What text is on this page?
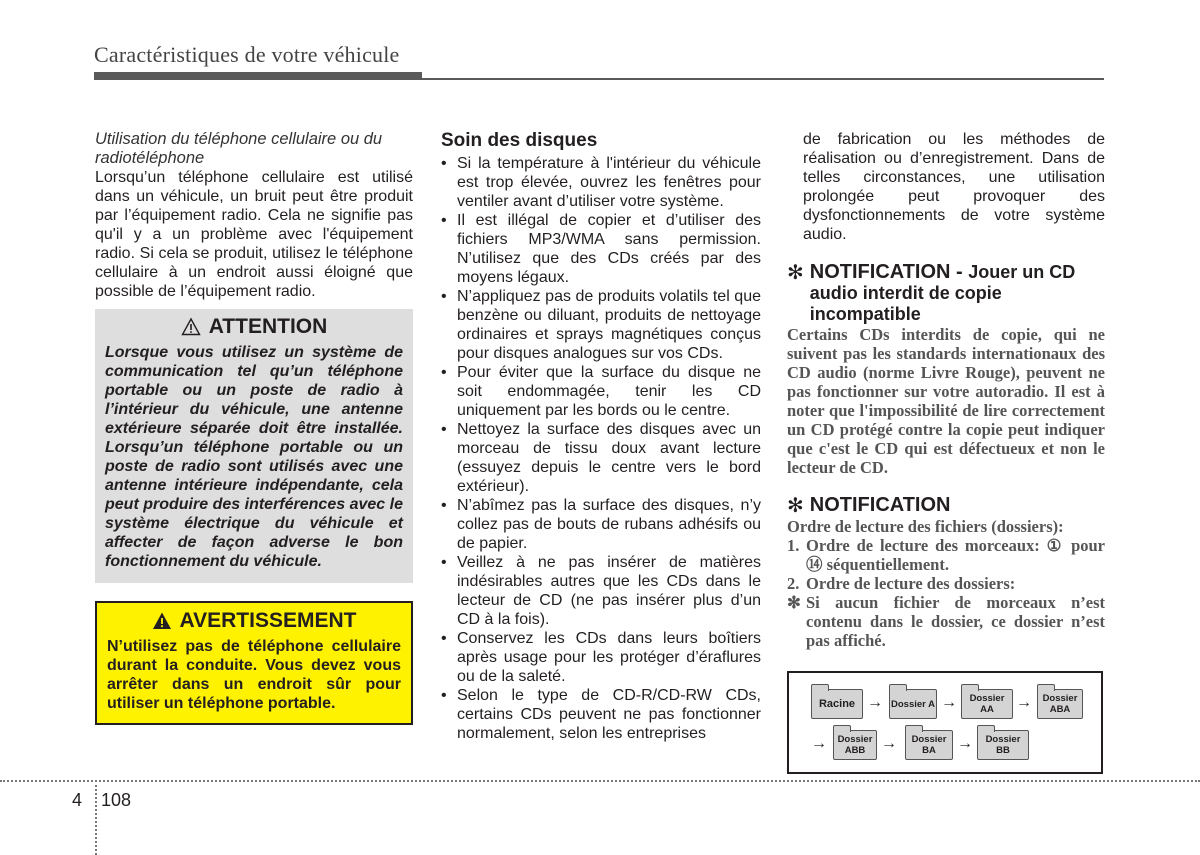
Caractéristiques de votre véhicule

Utilisation du téléphone cellulaire ou du radiotéléphone

Lorsqu’un téléphone cellulaire est utilisé dans un véhicule, un bruit peut être produit par l’équipement radio. Cela ne signifie pas qu'il y a un problème avec l'équipement radio. Si cela se produit, utilisez le téléphone cellulaire à un endroit aussi éloigné que possible de l’équipement radio.

ATTENTION

Lorsque vous utilisez un système de communication tel qu’un téléphone portable ou un poste de radio à l’intérieur du véhicule, une antenne extérieure séparée doit être installée. Lorsqu’un téléphone portable ou un poste de radio sont utilisés avec une antenne intérieure indépendante, cela peut produire des interférences avec le système électrique du véhicule et affecter de façon adverse le bon fonctionnement du véhicule.

AVERTISSEMENT

N’utilisez pas de téléphone cellulaire durant la conduite. Vous devez vous arrêter dans un endroit sûr pour utiliser un téléphone portable.

Soin des disques
• Si la température à l'intérieur du véhicule est trop élevée, ouvrez les fenêtres pour ventiler avant d’utiliser votre système.
• Il est illégal de copier et d’utiliser des fichiers MP3/WMA sans permission. N’utilisez que des CDs créés par des moyens légaux.
• N’appliquez pas de produits volatils tel que benzène ou diluant, produits de nettoyage ordinaires et sprays magnétiques conçus pour disques analogues sur vos CDs.
• Pour éviter que la surface du disque ne soit endommagée, tenir les CD uniquement par les bords ou le centre.
• Nettoyez la surface des disques avec un morceau de tissu doux avant lecture (essuyez depuis le centre vers le bord extérieur).
• N’abîmez pas la surface des disques, n’y collez pas de bouts de rubans adhésifs ou de papier.
• Veillez à ne pas insérer de matières indésirables autres que les CDs dans le lecteur de CD (ne pas insérer plus d’un CD à la fois).
• Conservez les CDs dans leurs boîtiers après usage pour les protéger d’éraflures ou de la saleté.
• Selon le type de CD-R/CD-RW CDs, certains CDs peuvent ne pas fonctionner normalement, selon les entreprises

de fabrication ou les méthodes de réalisation ou d’enregistrement. Dans de telles circonstances, une utilisation prolongée peut provoquer des dysfonctionnements de votre système audio.

✻ NOTIFICATION - Jouer un CD audio interdit de copie incompatible

Certains CDs interdits de copie, qui ne suivent pas les standards internationaux des CD audio (norme Livre Rouge), peuvent ne pas fonctionner sur votre autoradio. Il est à noter que l'impossibilité de lire correctement un CD protégé contre la copie peut indiquer que c'est le CD qui est défectueux et non le lecteur de CD.

✻ NOTIFICATION

Ordre de lecture des fichiers (dossiers):

1. Ordre de lecture des morceaux: ① pour ⑭ séquentiellement.
2. Ordre de lecture des dossiers:
✻ Si aucun fichier de morceaux n’est contenu dans le dossier, ce dossier n’est pas affiché.
Racine → Dossier A →	Dossier AA	→	Dossier ABA
→	Dossier ABB →	Dossier BA	→	Dossier BB
4 108
